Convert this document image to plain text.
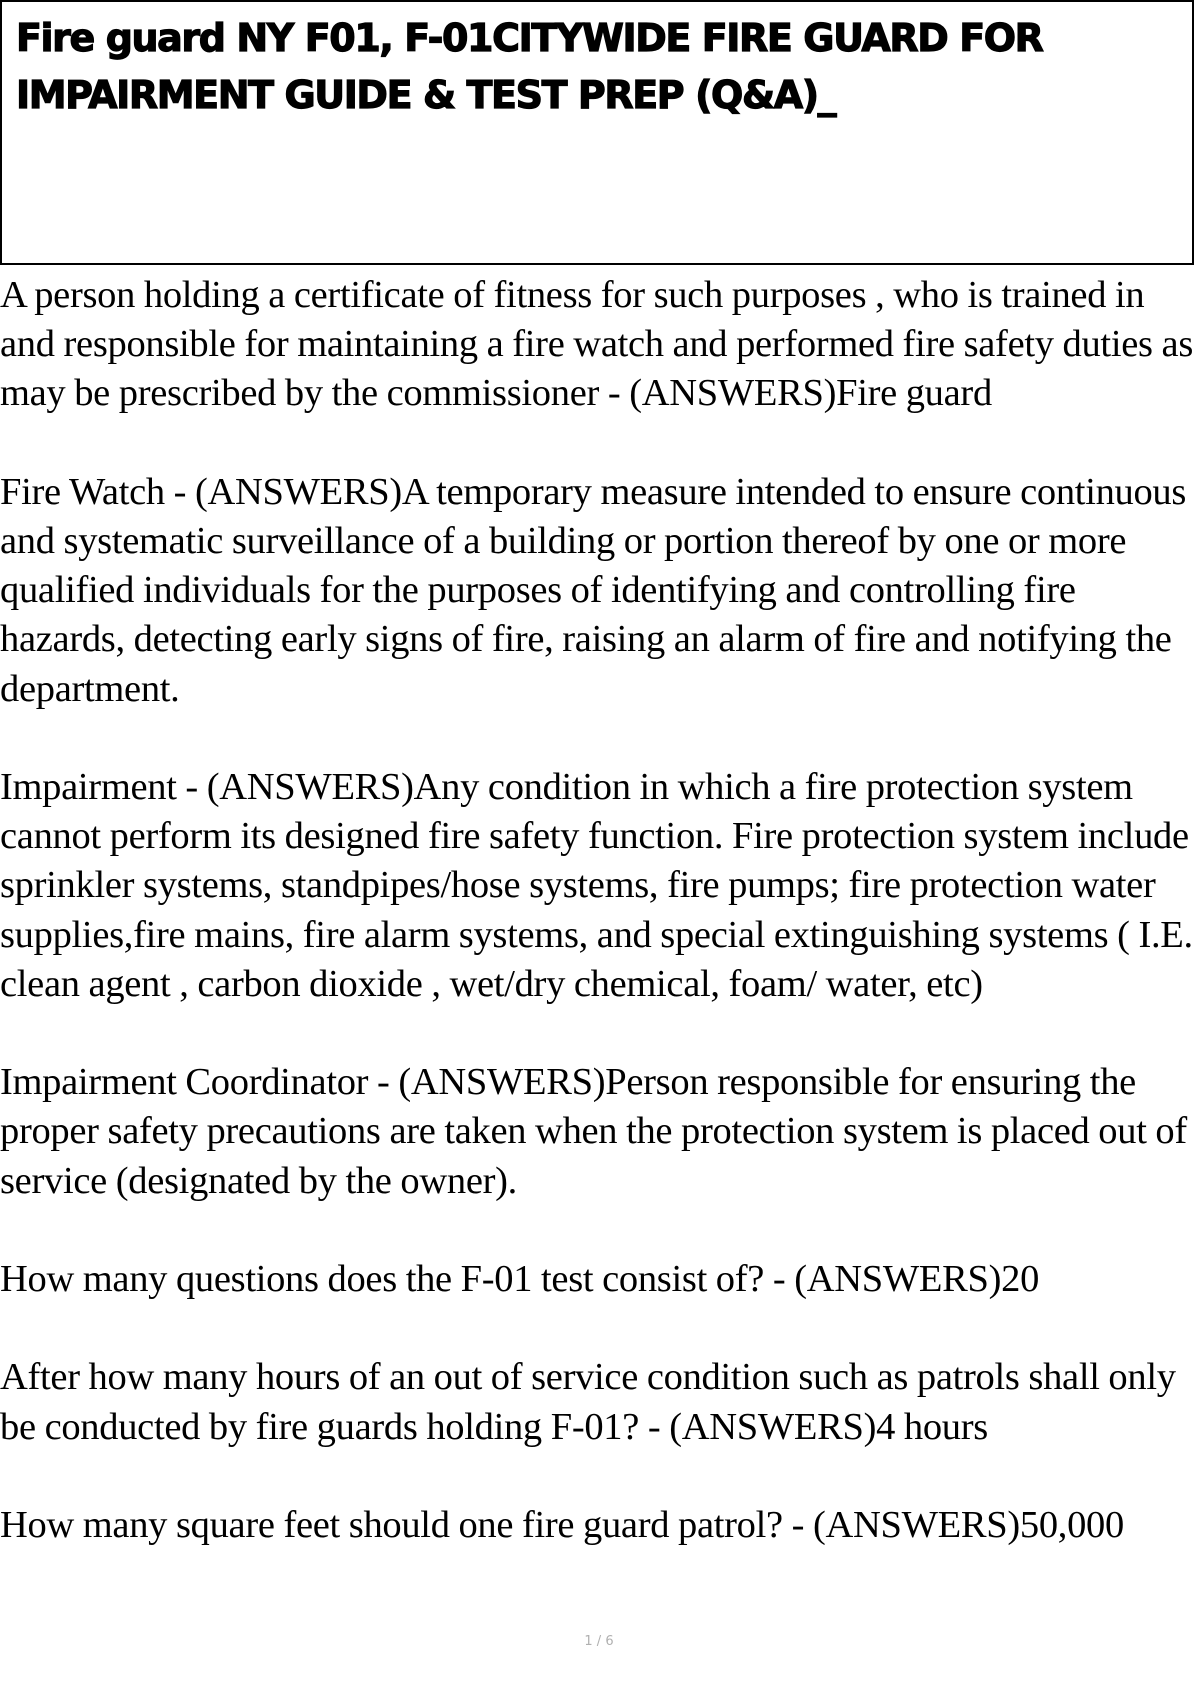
Fire guard NY F01, F-01CITYWIDE FIRE GUARD FOR IMPAIRMENT GUIDE & TEST PREP (Q&A)_

A person holding a certificate of fitness for such purposes , who is trained in and responsible for maintaining a fire watch and performed fire safety duties as may be prescribed by the commissioner - (ANSWERS)Fire guard

Fire Watch - (ANSWERS)A temporary measure intended to ensure continuous and systematic surveillance of a building or portion thereof by one or more qualified individuals for the purposes of identifying and controlling fire hazards, detecting early signs of fire, raising an alarm of fire and notifying the department.

Impairment - (ANSWERS)Any condition in which a fire protection system cannot perform its designed fire safety function. Fire protection system include sprinkler systems, standpipes/hose systems, fire pumps; fire protection water supplies,fire mains, fire alarm systems, and special extinguishing systems ( I.E. clean agent , carbon dioxide , wet/dry chemical, foam/ water, etc)

Impairment Coordinator - (ANSWERS)Person responsible for ensuring the proper safety precautions are taken when the protection system is placed out of service (designated by the owner).

How many questions does the F-01 test consist of? - (ANSWERS)20

After how many hours of an out of service condition such as patrols shall only be conducted by fire guards holding F-01? - (ANSWERS)4 hours

How many square feet should one fire guard patrol? - (ANSWERS)50,000

1 / 6
